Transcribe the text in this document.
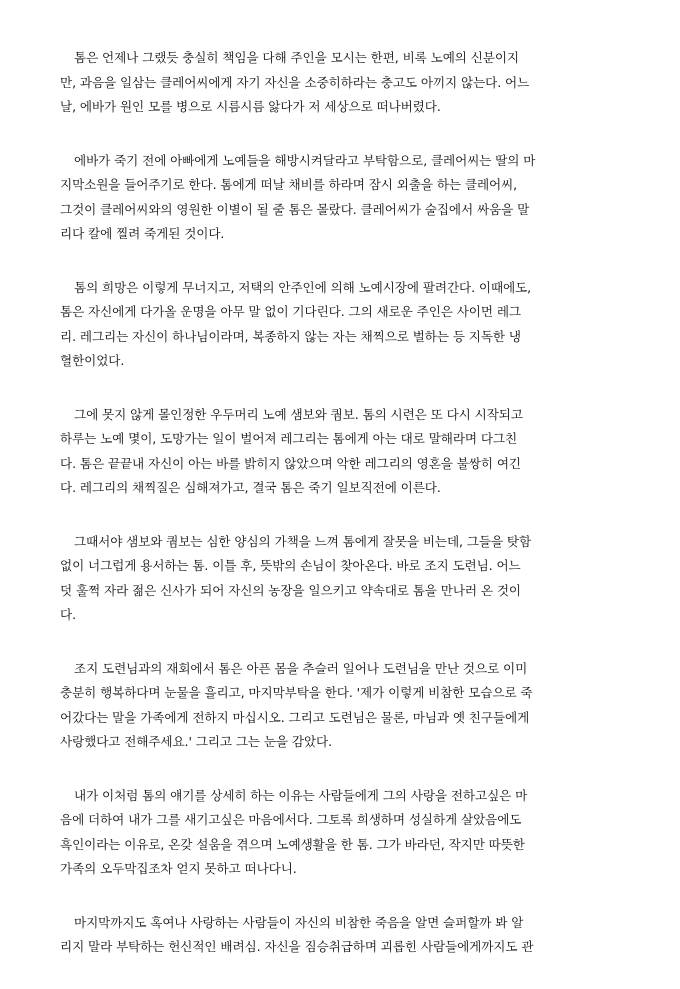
톰은 언제나 그랬듯 충실히 책임을 다해 주인을 모시는 한편, 비록 노예의 신분이지
만, 과음을 일삼는 클레어씨에게 자기 자신을 소중히하라는 충고도 아끼지 않는다. 어느
날, 에바가 원인 모를 병으로 시름시름 앓다가 저 세상으로 떠나버렸다.

에바가 죽기 전에 아빠에게 노예들을 해방시켜달라고 부탁함으로, 클레어씨는 딸의 마
지막소원을 들어주기로 한다. 톰에게 떠날 채비를 하라며 잠시 외출을 하는 클레어씨,
그것이 클레어씨와의 영원한 이별이 될 줄 톰은 몰랐다. 클레어씨가 술집에서 싸움을 말
리다 칼에 찔려 죽게된 것이다.

톰의 희망은 이렇게 무너지고, 저택의 안주인에 의해 노예시장에 팔려간다. 이때에도,
톰은 자신에게 다가올 운명을 아무 말 없이 기다린다. 그의 새로운 주인은 사이먼 레그
리. 레그리는 자신이 하나님이라며, 복종하지 않는 자는 채찍으로 벌하는 등 지독한 냉
혈한이었다.

그에 못지 않게 몰인정한 우두머리 노예 샘보와 퀌보. 톰의 시련은 또 다시 시작되고
하루는 노예 몇이, 도망가는 일이 벌어져 레그리는 톰에게 아는 대로 말해라며 다그친
다. 톰은 끝끝내 자신이 아는 바를 밝히지 않았으며 악한 레그리의 영혼을 불쌍히 여긴
다. 레그리의 채찍질은 심해져가고, 결국 톰은 죽기 일보직전에 이른다.

그때서야 샘보와 퀌보는 심한 양심의 가책을 느껴 톰에게 잘못을 비는데, 그들을 탓함
없이 너그럽게 용서하는 톰. 이틀 후, 뜻밖의 손님이 찾아온다. 바로 조지 도련님. 어느
덧 훌쩍 자라 젊은 신사가 되어 자신의 농장을 일으키고 약속대로 톰을 만나러 온 것이
다.

조지 도련님과의 재회에서 톰은 아픈 몸을 추슬러 일어나 도련님을 만난 것으로 이미
충분히 행복하다며 눈물을 흘리고, 마지막부탁을 한다. '제가 이렇게 비참한 모습으로 죽
어갔다는 말을 가족에게 전하지 마십시오. 그리고 도련님은 물론, 마님과 옛 친구들에게
사랑했다고 전해주세요.' 그리고 그는 눈을 감았다.

내가 이처럼 톰의 얘기를 상세히 하는 이유는 사람들에게 그의 사랑을 전하고싶은 마
음에 더하여 내가 그를 새기고싶은 마음에서다. 그토록 희생하며 성실하게 살았음에도
흑인이라는 이유로, 온갖 설움을 겪으며 노예생활을 한 톰. 그가 바라던, 작지만 따뜻한
가족의 오두막집조차 얻지 못하고 떠나다니.

마지막까지도 혹여나 사랑하는 사람들이 자신의 비참한 죽음을 알면 슬퍼할까 봐 알
리지 말라 부탁하는 헌신적인 배려심. 자신을 짐승취급하며 괴롭힌 사람들에게까지도 관
